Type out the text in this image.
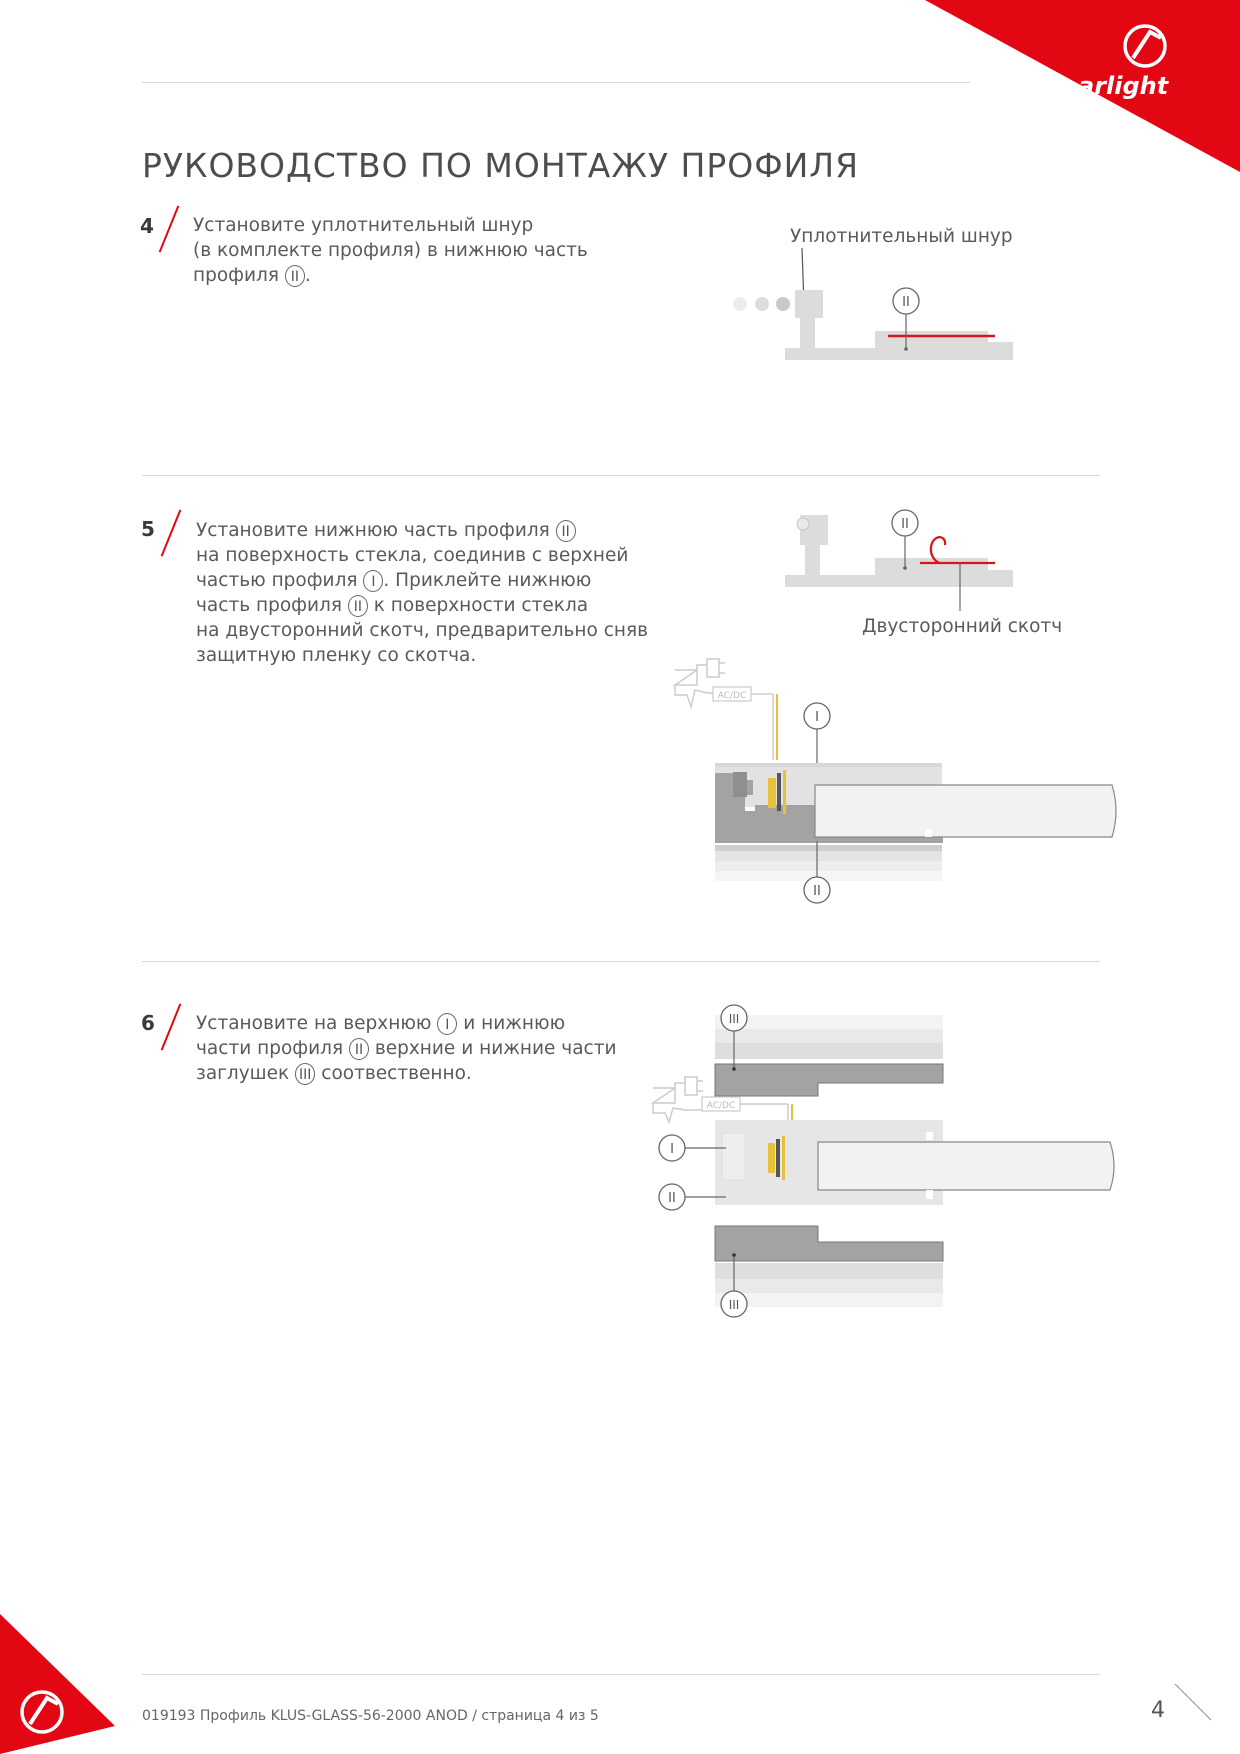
arlight
РУКОВОДСТВО ПО МОНТАЖУ ПРОФИЛЯ
4 Установите уплотнительный шнур

(в комплекте профиля) в нижнюю часть

профиля II .

Уплотнительный шнур
II
5 Установите нижнюю часть профиля II

на поверхность стекла, соединив с верхней

частью профиля I . Приклейте нижнюю

часть профиля II к поверхности стекла

на двусторонний скотч, предварительно сняв

защитную пленку со скотча.

II
Двусторонний скотч
AC/DC
I
II
6 Установите на верхнюю I и нижнюю

части профиля II верхние и нижние части

заглушек III соотвественно.

III
AC/DC
I
II
III
019193 Профиль KLUS-GLASS-56-2000 ANOD / страница 4 из 5	4
